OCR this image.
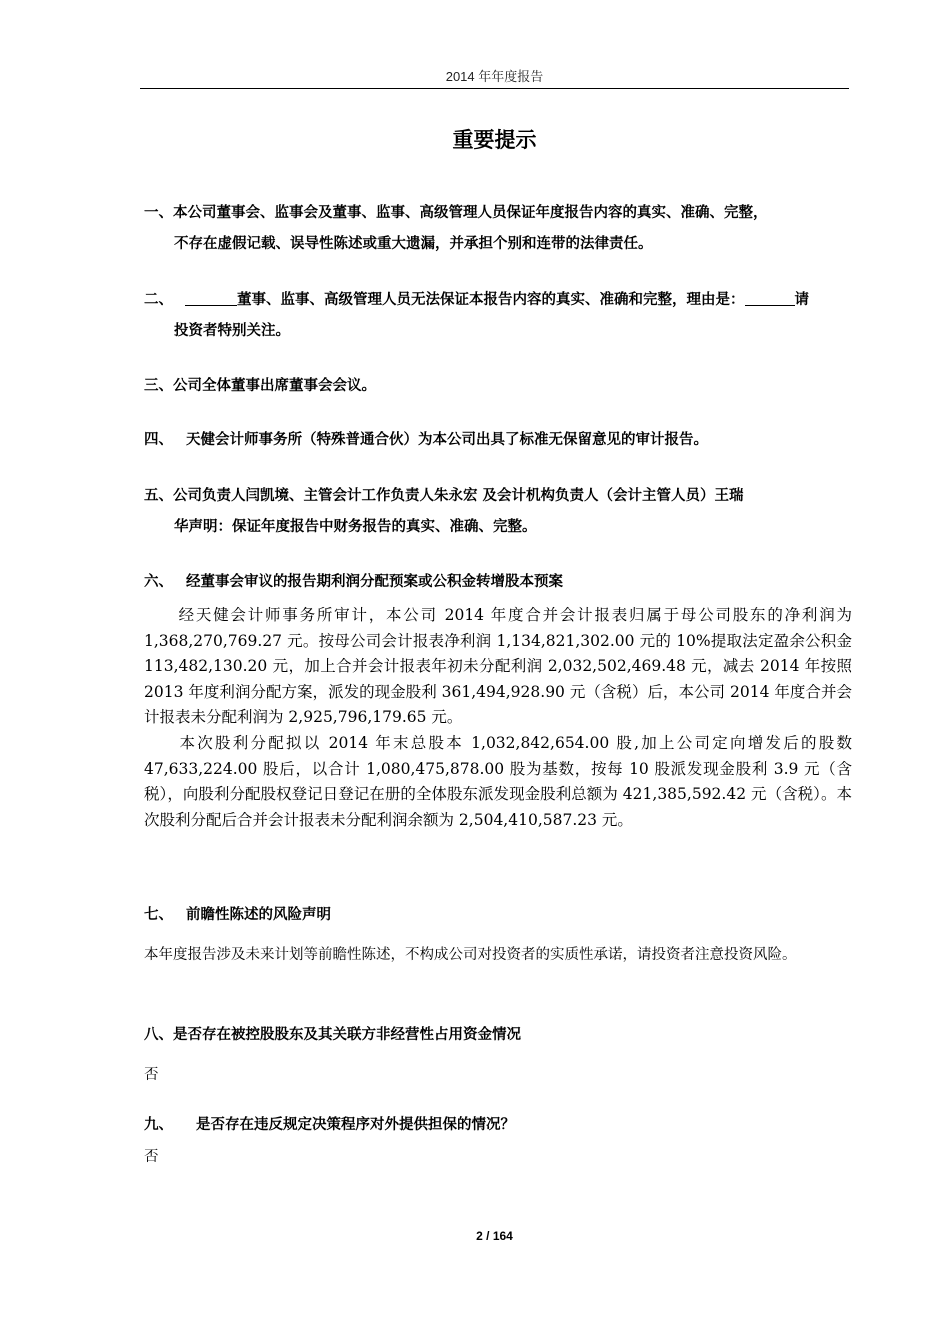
2014 年年度报告
重要提示
一、本公司董事会、监事会及董事、监事、高级管理人员保证年度报告内容的真实、准确、完整，
不存在虚假记载、误导性陈述或重大遗漏，并承担个别和连带的法律责任。
二、	董事、监事、高级管理人员无法保证本报告内容的真实、准确和完整，理由是：	请
投资者特别关注。
三、公司全体董事出席董事会会议。
四、 天健会计师事务所（特殊普通合伙）为本公司出具了标准无保留意见的审计报告。
五、公司负责人闫凯境、主管会计工作负责人朱永宏 及会计机构负责人（会计主管人员）王瑞
华声明：保证年度报告中财务报告的真实、准确、完整。
六、 经董事会审议的报告期利润分配预案或公积金转增股本预案

　　经天健会计师事务所审计，本公司 2014 年度合并会计报表归属于母公司股东的净利润为 1,368,270,769.27 元。按母公司会计报表净利润 1,134,821,302.00 元的 10%提取法定盈余公积金 113,482,130.20 元，加上合并会计报表年初未分配利润 2,032,502,469.48 元，减去 2014 年按照 2013 年度利润分配方案，派发的现金股利 361,494,928.90 元（含税）后，本公司 2014 年度合并会计报表未分配利润为 2,925,796,179.65 元。

　　本次股利分配拟以 2014 年末总股本 1,032,842,654.00 股,加上公司定向增发后的股数 47,633,224.00 股后，以合计 1,080,475,878.00 股为基数，按每 10 股派发现金股利 3.9 元（含税），向股利分配股权登记日登记在册的全体股东派发现金股利总额为 421,385,592.42 元（含税）。本次股利分配后合并会计报表未分配利润余额为 2,504,410,587.23 元。

七、 前瞻性陈述的风险声明
本年度报告涉及未来计划等前瞻性陈述，不构成公司对投资者的实质性承诺，请投资者注意投资风险。
八、是否存在被控股股东及其关联方非经营性占用资金情况
否
九、 是否存在违反规定决策程序对外提供担保的情况？
否
2 / 164
